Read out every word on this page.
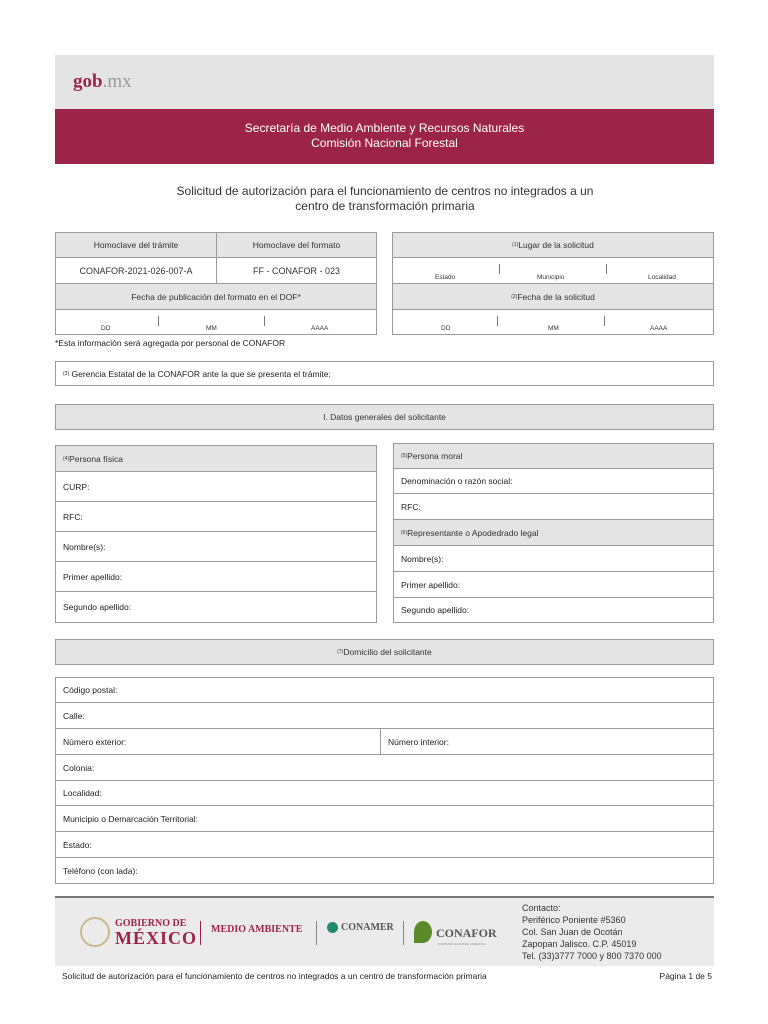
gob.mx
Secretaría de Medio Ambiente y Recursos Naturales
Comisión Nacional Forestal
Solicitud de autorización para el funcionamiento de centros no integrados a un
centro de transformación primaria
Homoclave del trámite	Homoclave del formato
CONAFOR-2021-026-007-A	FF - CONAFOR - 023
Fecha de publicación del formato en el DOF*
DD	MM	AAAA
(1) Lugar de la solicitud
Estado	Municipio	Localidad
(2) Fecha de la solicitud
DD	MM	AAAA
*Esta información será agregada por personal de CONAFOR
(3)
Gerencia Estatal de la CONAFOR ante la que se presenta el trámite:
I. Datos generales del solicitante
(4) Persona física
CURP:
RFC:
Nombre(s):
Primer apellido:
Segundo apellido:
(5) Persona moral
Denominación o razón social:
RFC:
(6) Representante o Apodedrado legal
Nombre(s):
Primer apellido:
Segundo apellido:
(7) Domicilio del solicitante
Código postal:
Calle:
Número exterior:	Número interior:
Colonia:
Localidad:
Municipio o Demarcación Territorial:
Estado:
Teléfono (con lada):
GOBIERNO DE
MÉXICO MEDIO AMBIENTE	CONAMER	CONAFOR
COMISIÓN NACIONAL FORESTAL
Contacto:
Periférico Poniente #5360
Col. San Juan de Ocotán
Zapopan Jalisco. C.P. 45019
Tel. (33)3777 7000 y 800 7370 000
Solicitud de autorización para el funcionamiento de centros no integrados a un centro de transformación primaria	Página 1 de 5
